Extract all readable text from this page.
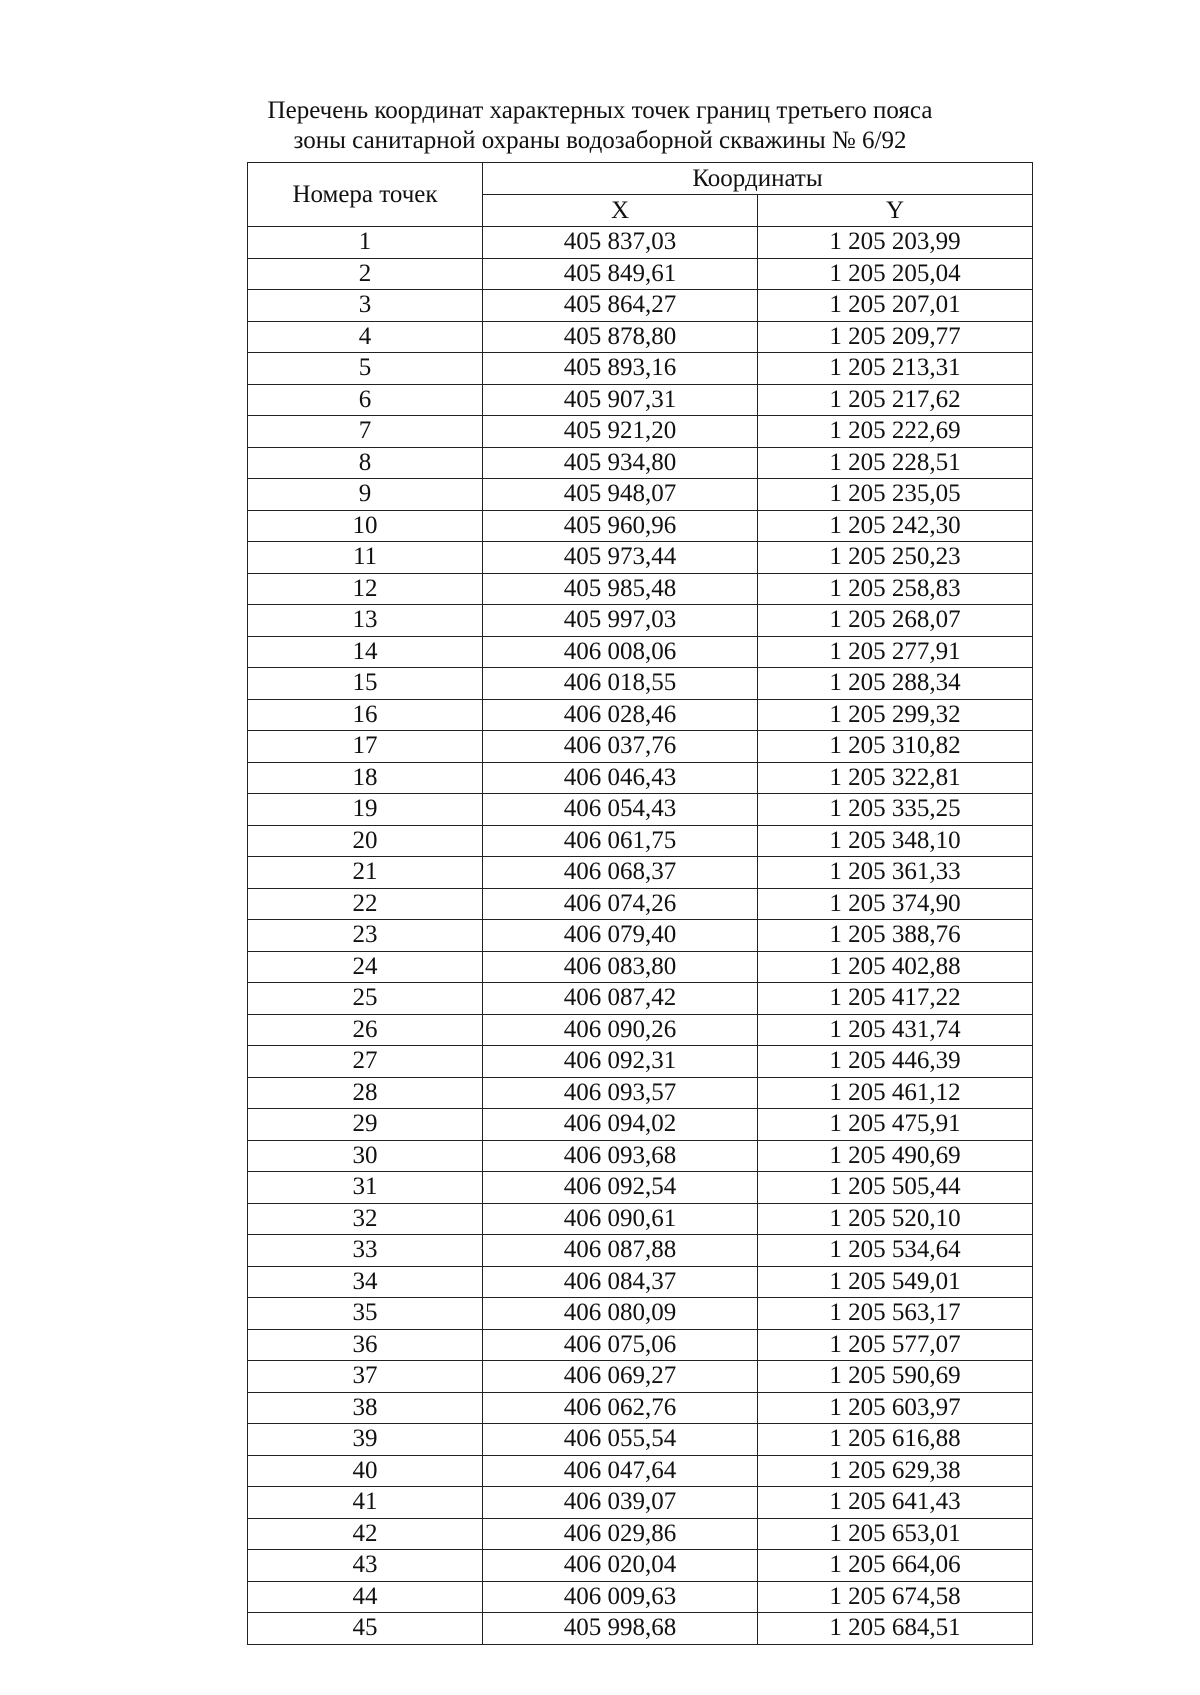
Перечень координат характерных точек границ третьего пояса
зоны санитарной охраны водозаборной скважины № 6/92
Номера точек	Координаты	
	X	Y
1	405 837,03	1 205 203,99
2	405 849,61	1 205 205,04
3	405 864,27	1 205 207,01
4	405 878,80	1 205 209,77
5	405 893,16	1 205 213,31
6	405 907,31	1 205 217,62
7	405 921,20	1 205 222,69
8	405 934,80	1 205 228,51
9	405 948,07	1 205 235,05
10	405 960,96	1 205 242,30
11	405 973,44	1 205 250,23
12	405 985,48	1 205 258,83
13	405 997,03	1 205 268,07
14	406 008,06	1 205 277,91
15	406 018,55	1 205 288,34
16	406 028,46	1 205 299,32
17	406 037,76	1 205 310,82
18	406 046,43	1 205 322,81
19	406 054,43	1 205 335,25
20	406 061,75	1 205 348,10
21	406 068,37	1 205 361,33
22	406 074,26	1 205 374,90
23	406 079,40	1 205 388,76
24	406 083,80	1 205 402,88
25	406 087,42	1 205 417,22
26	406 090,26	1 205 431,74
27	406 092,31	1 205 446,39
28	406 093,57	1 205 461,12
29	406 094,02	1 205 475,91
30	406 093,68	1 205 490,69
31	406 092,54	1 205 505,44
32	406 090,61	1 205 520,10
33	406 087,88	1 205 534,64
34	406 084,37	1 205 549,01
35	406 080,09	1 205 563,17
36	406 075,06	1 205 577,07
37	406 069,27	1 205 590,69
38	406 062,76	1 205 603,97
39	406 055,54	1 205 616,88
40	406 047,64	1 205 629,38
41	406 039,07	1 205 641,43
42	406 029,86	1 205 653,01
43	406 020,04	1 205 664,06
44	406 009,63	1 205 674,58
45	405 998,68	1 205 684,51
